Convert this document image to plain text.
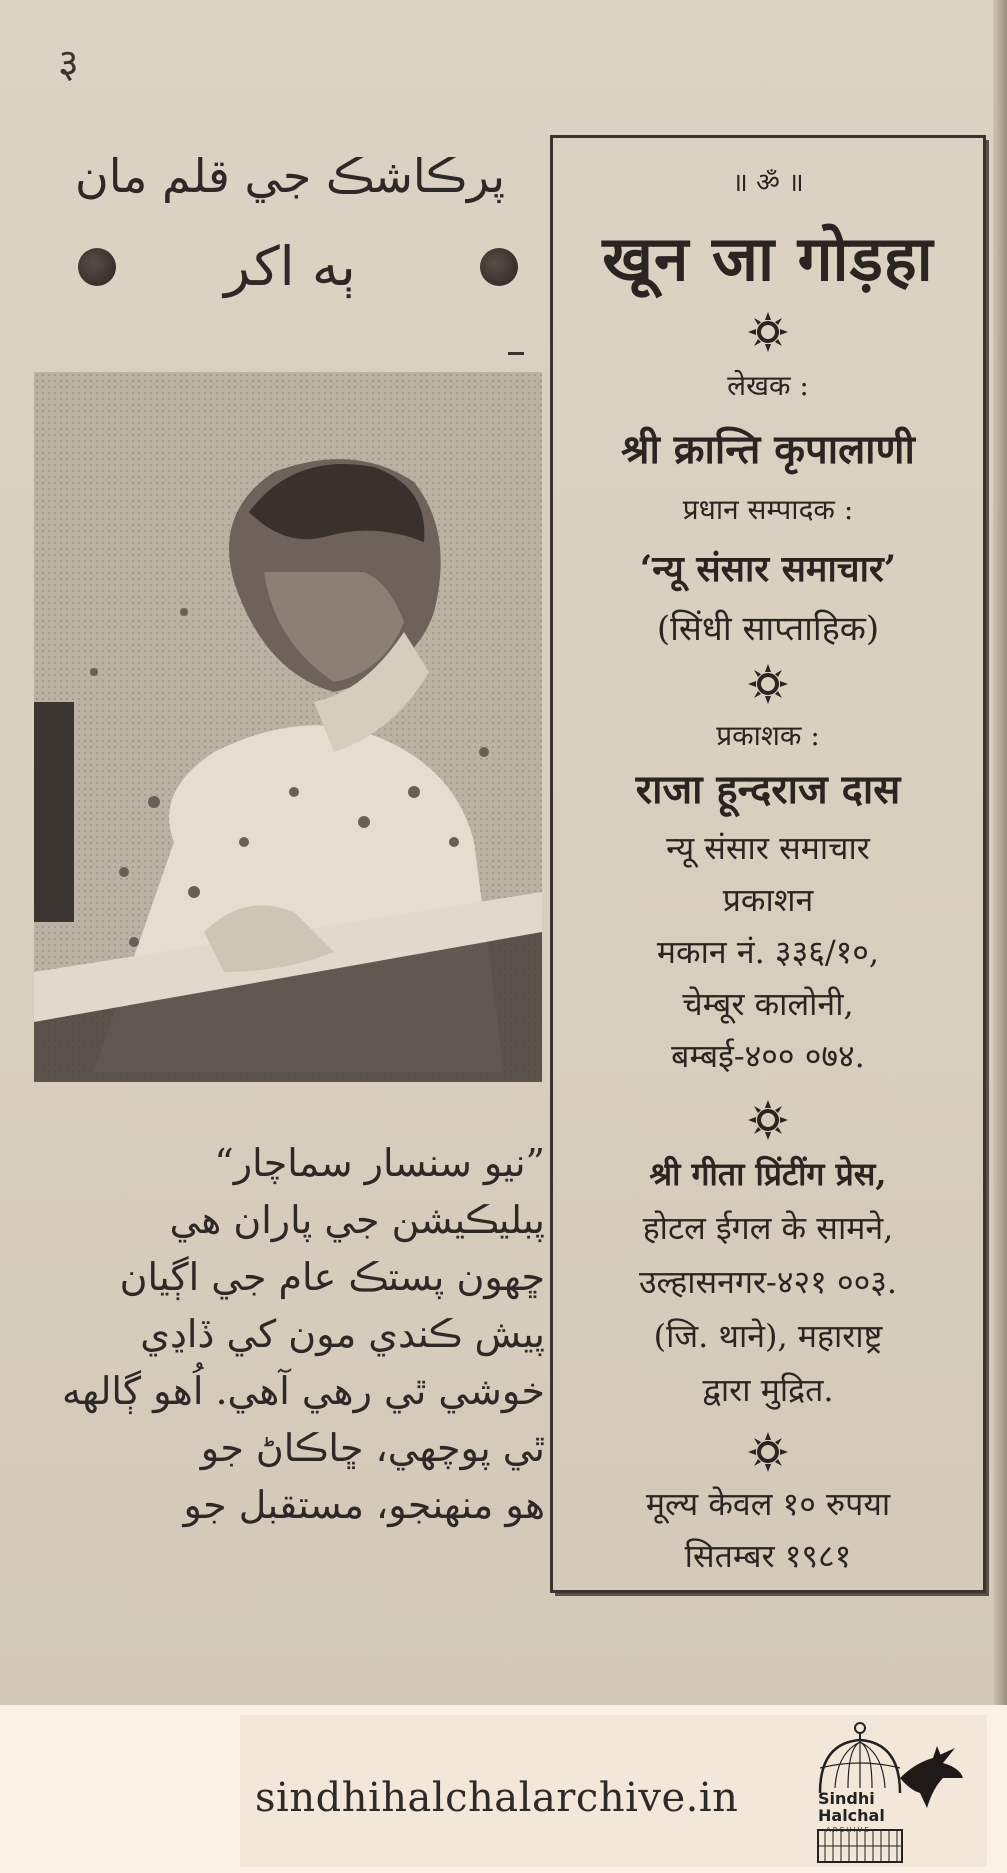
३
پرڪاشڪ جي قلم مان
ٻه اکر
”نيو سنسار سماچار“
پبليڪيشن جي پاران هي
ڇهون پستڪ عام جي اڳيان
پيش ڪندي مون کي ڏاڍي
خوشي ٿي رهي آهي. اُهو ڳالهه
ٿي پوچهي، ڇاڪاڻ جو
هو منهنجو، مستقبل جو
॥ ॐ ॥
खून जा गोड़हा
लेखक :
श्री क्रान्ति कृपालाणी
प्रधान सम्पादक :
‘न्यू संसार समाचार’
(सिंधी साप्ताहिक)
प्रकाशक :
राजा हून्दराज दास
न्यू संसार समाचार
प्रकाशन
मकान नं. ३३६/१०,
चेम्बूर कालोनी,
बम्बई-४०० ०७४.
श्री गीता प्रिंटींग प्रेस,
होटल ईगल के सामने,
उल्हासनगर-४२१ ००३.
(जि. थाने), महाराष्ट्र
द्वारा मुद्रित.
मूल्य केवल १० रुपया
सितम्बर १९८१
sindhihalchalarchive.in	Sindhi
Halchal
ARCHIVE
